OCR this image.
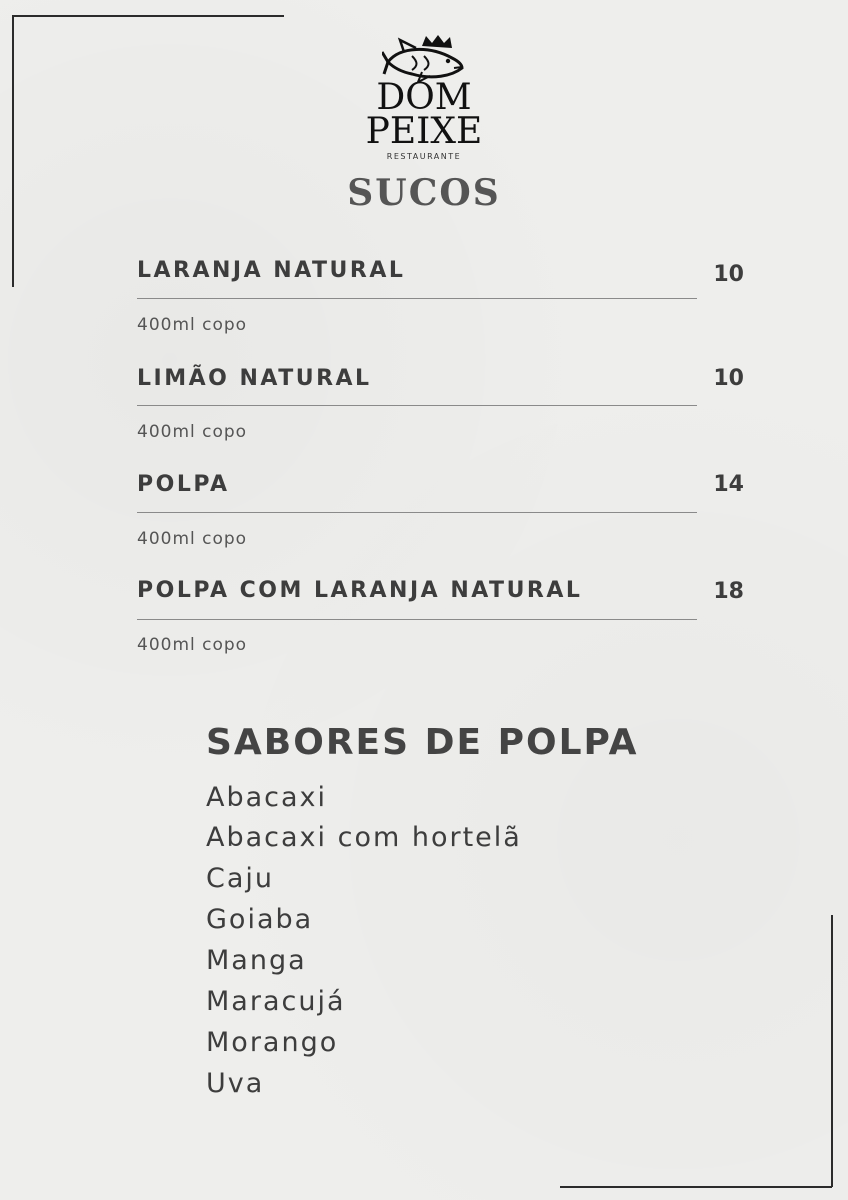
DOM
PEIXE
RESTAURANTE
SUCOS
LARANJA NATURAL	10
400ml copo
LIMÃO NATURAL	10
400ml copo
POLPA	14
400ml copo
POLPA COM LARANJA NATURAL	18
400ml copo
SABORES DE POLPA
Abacaxi
Abacaxi com hortelã
Caju
Goiaba
Manga
Maracujá
Morango
Uva
